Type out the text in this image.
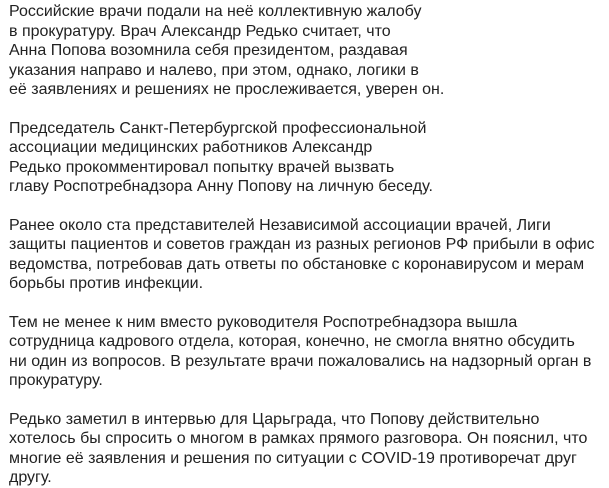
Российские врачи подали на неё коллективную жалобу
в прокуратуру. Врач Александр Редько считает, что
Анна Попова возомнила себя президентом, раздавая
указания направо и налево, при этом, однако, логики в
её заявлениях и решениях не прослеживается, уверен он.

Председатель Санкт-Петербургской профессиональной
ассоциации медицинских работников Александр
Редько прокомментировал попытку врачей вызвать
главу Роспотребнадзора Анну Попову на личную беседу.

Ранее около ста представителей Независимой ассоциации врачей, Лиги
защиты пациентов и советов граждан из разных регионов РФ прибыли в офис
ведомства, потребовав дать ответы по обстановке с коронавирусом и мерам
борьбы против инфекции.

Тем не менее к ним вместо руководителя Роспотребнадзора вышла
сотрудница кадрового отдела, которая, конечно, не смогла внятно обсудить
ни один из вопросов. В результате врачи пожаловались на надзорный орган в
прокуратуру.

Редько заметил в интервью для Царьграда, что Попову действительно
хотелось бы спросить о многом в рамках прямого разговора. Он пояснил, что
многие её заявления и решения по ситуации с COVID-19 противоречат друг
другу.
